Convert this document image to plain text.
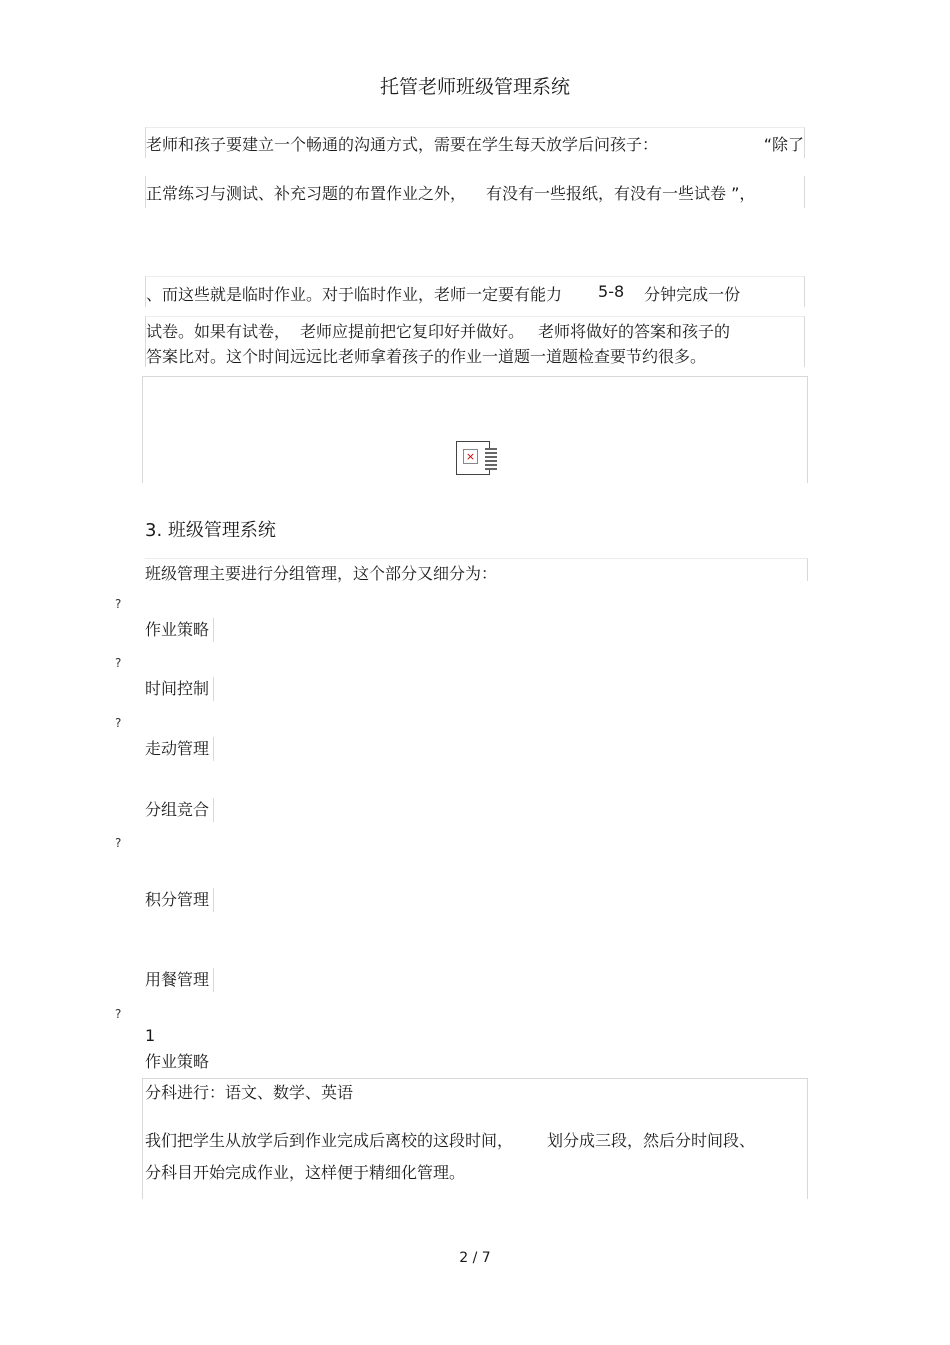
托管老师班级管理系统
老师和孩子要建立一个畅通的沟通方式，需要在学生每天放学后问孩子：	“除了
正常练习与测试、补充习题的布置作业之外， 有没有一些报纸，有没有一些试卷 ”，
、而这些就是临时作业。对于临时作业，老师一定要有能力 5-8 分钟完成一份
试卷。如果有试卷， 老师应提前把它复印好并做好。 老师将做好的答案和孩子的
答案比对。这个时间远远比老师拿着孩子的作业一道题一道题检查要节约很多。
×
3. 班级管理系统
班级管理主要进行分组管理，这个部分又细分为：
?
作业策略
?
时间控制
?
走动管理
分组竞合
?
积分管理
用餐管理
?
1
作业策略
分科进行：语文、数学、英语
我们把学生从放学后到作业完成后离校的这段时间， 划分成三段，然后分时间段、
分科目开始完成作业，这样便于精细化管理。
2 / 7
